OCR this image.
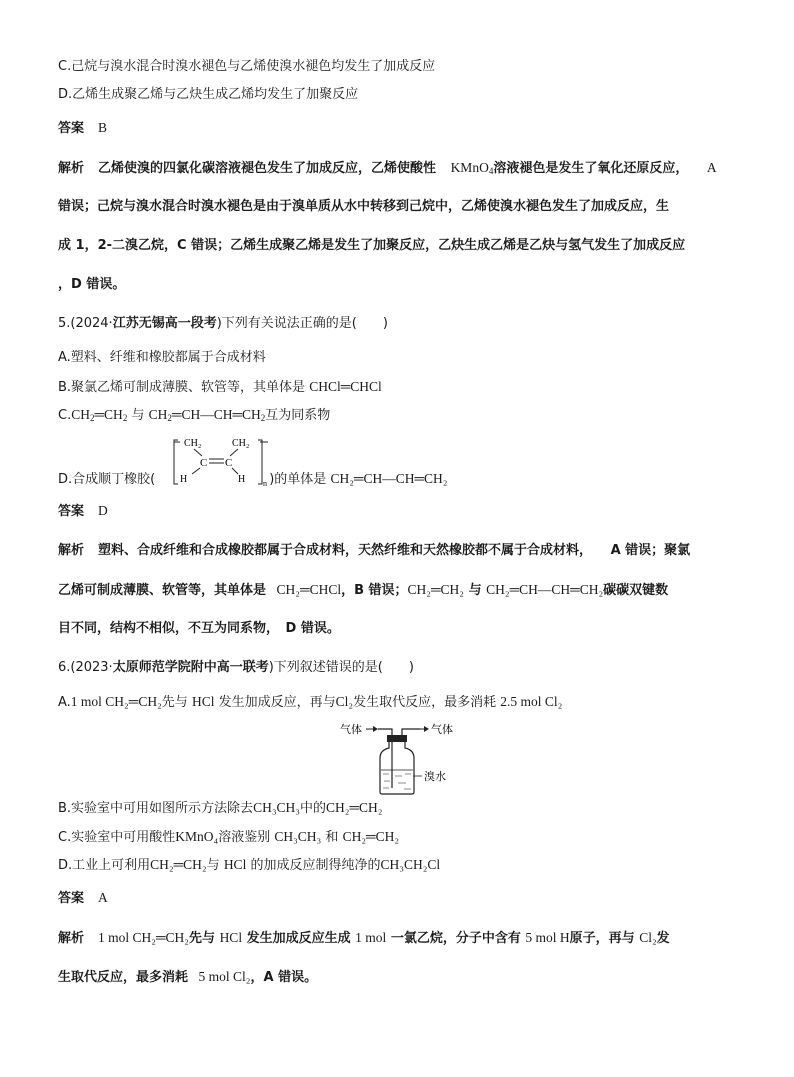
C.己烷与溴水混合时溴水褪色与乙烯使溴水褪色均发生了加成反应
D.乙烯生成聚乙烯与乙炔生成乙烯均发生了加聚反应
答案 B
解析 乙烯使溴的四氯化碳溶液褪色发生了加成反应，乙烯使酸性 KMnO$_4$溶液褪色是发生了氧化还原反应， A
错误；己烷与溴水混合时溴水褪色是由于溴单质从水中转移到己烷中，乙烯使溴水褪色发生了加成反应，生
成 1，2-二溴乙烷，C 错误；乙烯生成聚乙烯是发生了加聚反应，乙炔生成乙烯是乙炔与氢气发生了加成反应
，D 错误。
5.(2024·江苏无锡高一段考)下列有关说法正确的是(　　)
A.塑料、纤维和橡胶都属于合成材料
B.聚氯乙烯可制成薄膜、软管等，其单体是 CHCl═CHCl
$C.CH_2═CH_2$ 与 $CH_2═CH—CH═CH_2$互为同系物
D.合成顺丁橡胶(	)的单体是 CH₂═CH—CH═CH₂
CH₂	CH₂
C C
H	H n
答案 D
解析 塑料、合成纤维和合成橡胶都属于合成材料，天然纤维和天然橡胶都不属于合成材料， A 错误；聚氯
乙烯可制成薄膜、软管等，其单体是 CH₂═CHCl，B 错误；CH₂═CH₂ 与 CH₂═CH—CH═CH₂碳碳双键数
目不同，结构不相似，不互为同系物，　D 错误。
6.(2023·太原师范学院附中高一联考)下列叙述错误的是(　　)
A.1 mol CH₂═CH₂先与 HCl 发生加成反应，再与Cl₂发生取代反应，最多消耗 2.5 mol Cl₂
气体	气体
溴水
B.实验室中可用如图所示方法除去CH₃CH₃中的CH₂═CH₂
C.实验室中可用酸性KMnO₄溶液鉴别 CH₃CH₃ 和 CH₂═CH₂
D.工业上可利用CH₂═CH₂与 HCl 的加成反应制得纯净的CH₃CH₂Cl
答案 A
解析 1 mol CH₂═CH₂先与 HCl 发生加成反应生成 1 mol 一氯乙烷，分子中含有 5 mol H原子，再与 Cl₂发
生取代反应，最多消耗 5 mol Cl₂，A 错误。
